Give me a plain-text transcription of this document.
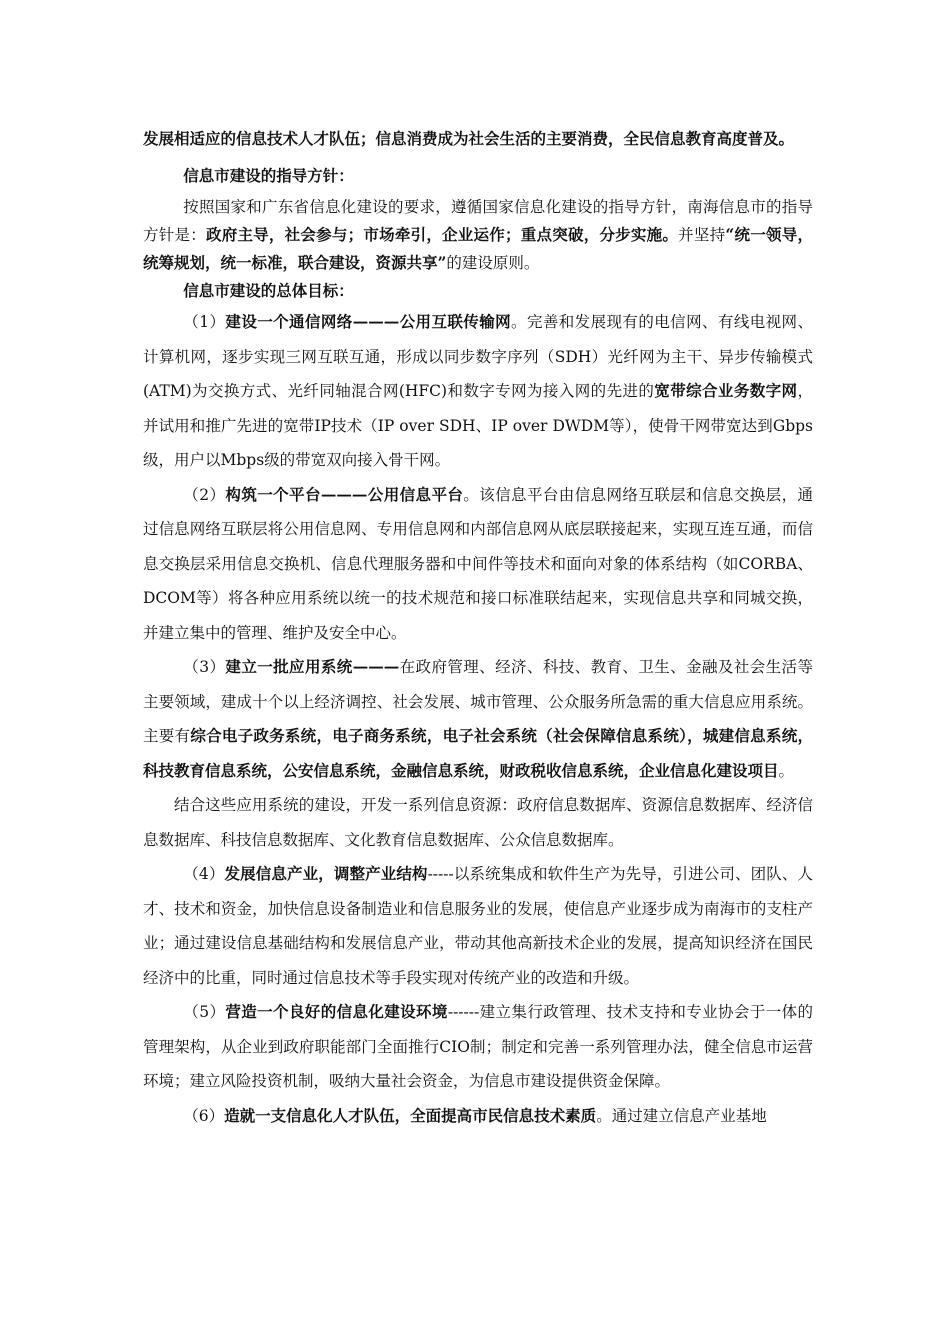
发展相适应的信息技术人才队伍；信息消费成为社会生活的主要消费，全民信息教育高度普及。

信息市建设的指导方针：

按照国家和广东省信息化建设的要求，遵循国家信息化建设的指导方针，南海信息市的指导方针是：政府主导，社会参与；市场牵引，企业运作；重点突破，分步实施。并坚持“统一领导，统筹规划，统一标准，联合建设，资源共享”的建设原则。

信息市建设的总体目标：

（1）建设一个通信网络———公用互联传输网。完善和发展现有的电信网、有线电视网、计算机网，逐步实现三网互联互通，形成以同步数字序列（SDH）光纤网为主干、异步传输模式(ATM)为交换方式、光纤同轴混合网(HFC)和数字专网为接入网的先进的宽带综合业务数字网，并试用和推广先进的宽带IP技术（IP over SDH、IP over DWDM等），使骨干网带宽达到Gbps级，用户以Mbps级的带宽双向接入骨干网。

（2）构筑一个平台———公用信息平台。该信息平台由信息网络互联层和信息交换层，通过信息网络互联层将公用信息网、专用信息网和内部信息网从底层联接起来，实现互连互通，而信息交换层采用信息交换机、信息代理服务器和中间件等技术和面向对象的体系结构（如CORBA、DCOM等）将各种应用系统以统一的技术规范和接口标准联结起来，实现信息共享和同城交换，并建立集中的管理、维护及安全中心。

（3）建立一批应用系统———在政府管理、经济、科技、教育、卫生、金融及社会生活等主要领域，建成十个以上经济调控、社会发展、城市管理、公众服务所急需的重大信息应用系统。主要有综合电子政务系统，电子商务系统，电子社会系统（社会保障信息系统），城建信息系统，科技教育信息系统，公安信息系统，金融信息系统，财政税收信息系统，企业信息化建设项目。

结合这些应用系统的建设，开发一系列信息资源：政府信息数据库、资源信息数据库、经济信息数据库、科技信息数据库、文化教育信息数据库、公众信息数据库。

（4）发展信息产业，调整产业结构-----以系统集成和软件生产为先导，引进公司、团队、人才、技术和资金，加快信息设备制造业和信息服务业的发展，使信息产业逐步成为南海市的支柱产业；通过建设信息基础结构和发展信息产业，带动其他高新技术企业的发展，提高知识经济在国民经济中的比重，同时通过信息技术等手段实现对传统产业的改造和升级。

（5）营造一个良好的信息化建设环境------建立集行政管理、技术支持和专业协会于一体的管理架构，从企业到政府职能部门全面推行CIO制；制定和完善一系列管理办法，健全信息市运营环境；建立风险投资机制，吸纳大量社会资金，为信息市建设提供资金保障。

（6）造就一支信息化人才队伍，全面提高市民信息技术素质。通过建立信息产业基地
